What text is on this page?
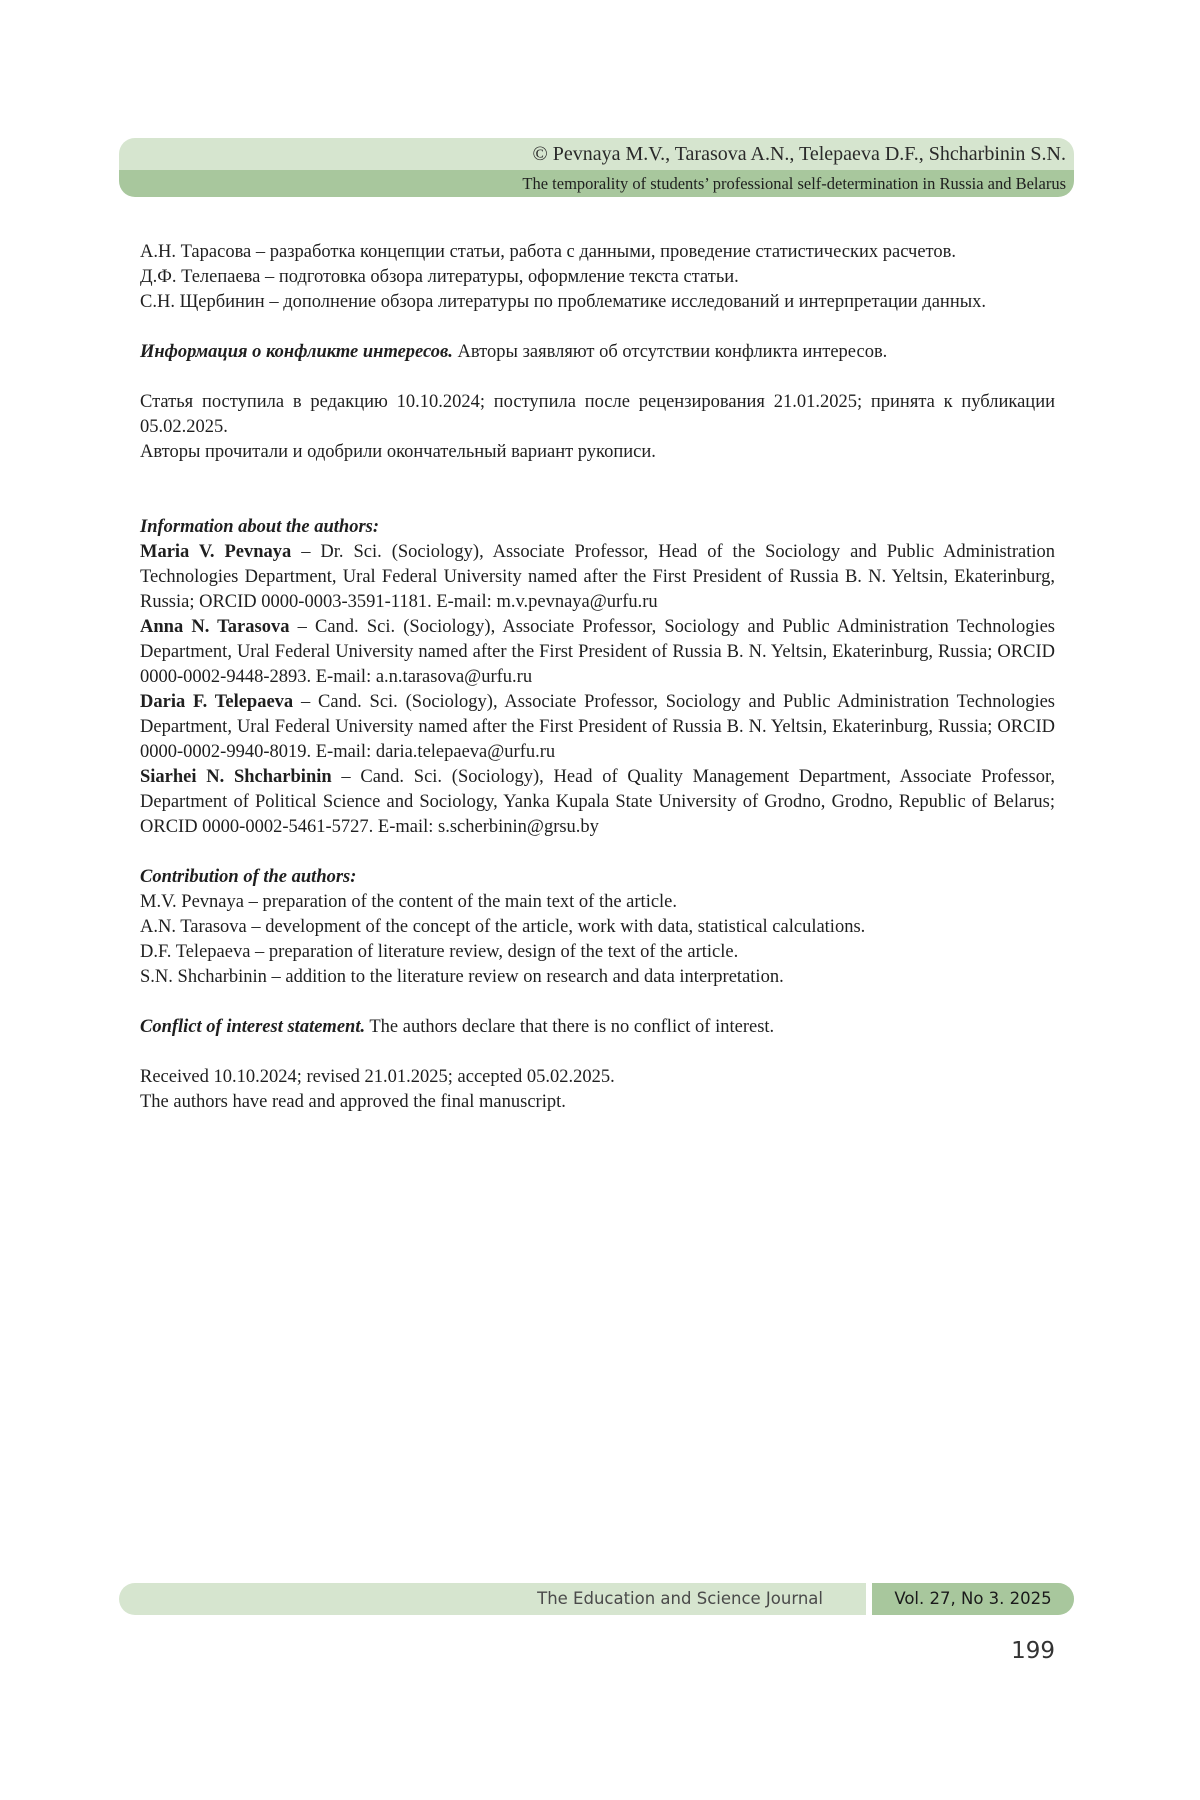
© Pevnaya M.V., Tarasova A.N., Telepaeva D.F., Shcharbinin S.N.
The temporality of students’ professional self-determination in Russia and Belarus

А.Н. Тарасова – разработка концепции статьи, работа с данными, проведение статистических расчетов.

Д.Ф. Телепаева – подготовка обзора литературы, оформление текста статьи.

С.Н. Щербинин – дополнение обзора литературы по проблематике исследований и интерпретации данных.

Информация о конфликте интересов. Авторы заявляют об отсутствии конфликта интересов.

Статья поступила в редакцию 10.10.2024; поступила после рецензирования 21.01.2025; принята к публикации 05.02.2025.

Авторы прочитали и одобрили окончательный вариант рукописи.

Information about the authors:

Maria V. Pevnaya – Dr. Sci. (Sociology), Associate Professor, Head of the Sociology and Public Administration Technologies Department, Ural Federal University named after the First President of Russia B. N. Yeltsin, Ekaterinburg, Russia; ORCID 0000-0003-3591-1181. E-mail: m.v.pevnaya@urfu.ru

Anna N. Tarasova – Cand. Sci. (Sociology), Associate Professor, Sociology and Public Administration Technologies Department, Ural Federal University named after the First President of Russia B. N. Yeltsin, Ekaterinburg, Russia; ORCID 0000-0002-9448-2893. E-mail: a.n.tarasova@urfu.ru

Daria F. Telepaeva – Cand. Sci. (Sociology), Associate Professor, Sociology and Public Administration Technologies Department, Ural Federal University named after the First President of Russia B. N. Yeltsin, Ekaterinburg, Russia; ORCID 0000-0002-9940-8019. E-mail: daria.telepaeva@urfu.ru

Siarhei N. Shcharbinin – Cand. Sci. (Sociology), Head of Quality Management Department, Associate Professor, Department of Political Science and Sociology, Yanka Kupala State University of Grodno, Grodno, Republic of Belarus; ORCID 0000-0002-5461-5727. E-mail: s.scherbinin@grsu.by

Contribution of the authors:

M.V. Pevnaya – preparation of the content of the main text of the article.

A.N. Tarasova – development of the concept of the article, work with data, statistical calculations.

D.F. Telepaeva – preparation of literature review, design of the text of the article.

S.N. Shcharbinin – addition to the literature review on research and data interpretation.

Conflict of interest statement. The authors declare that there is no conflict of interest.

Received 10.10.2024; revised 21.01.2025; accepted 05.02.2025.

The authors have read and approved the final manuscript.

The Education and Science Journal	Vol. 27, No 3. 2025
199
